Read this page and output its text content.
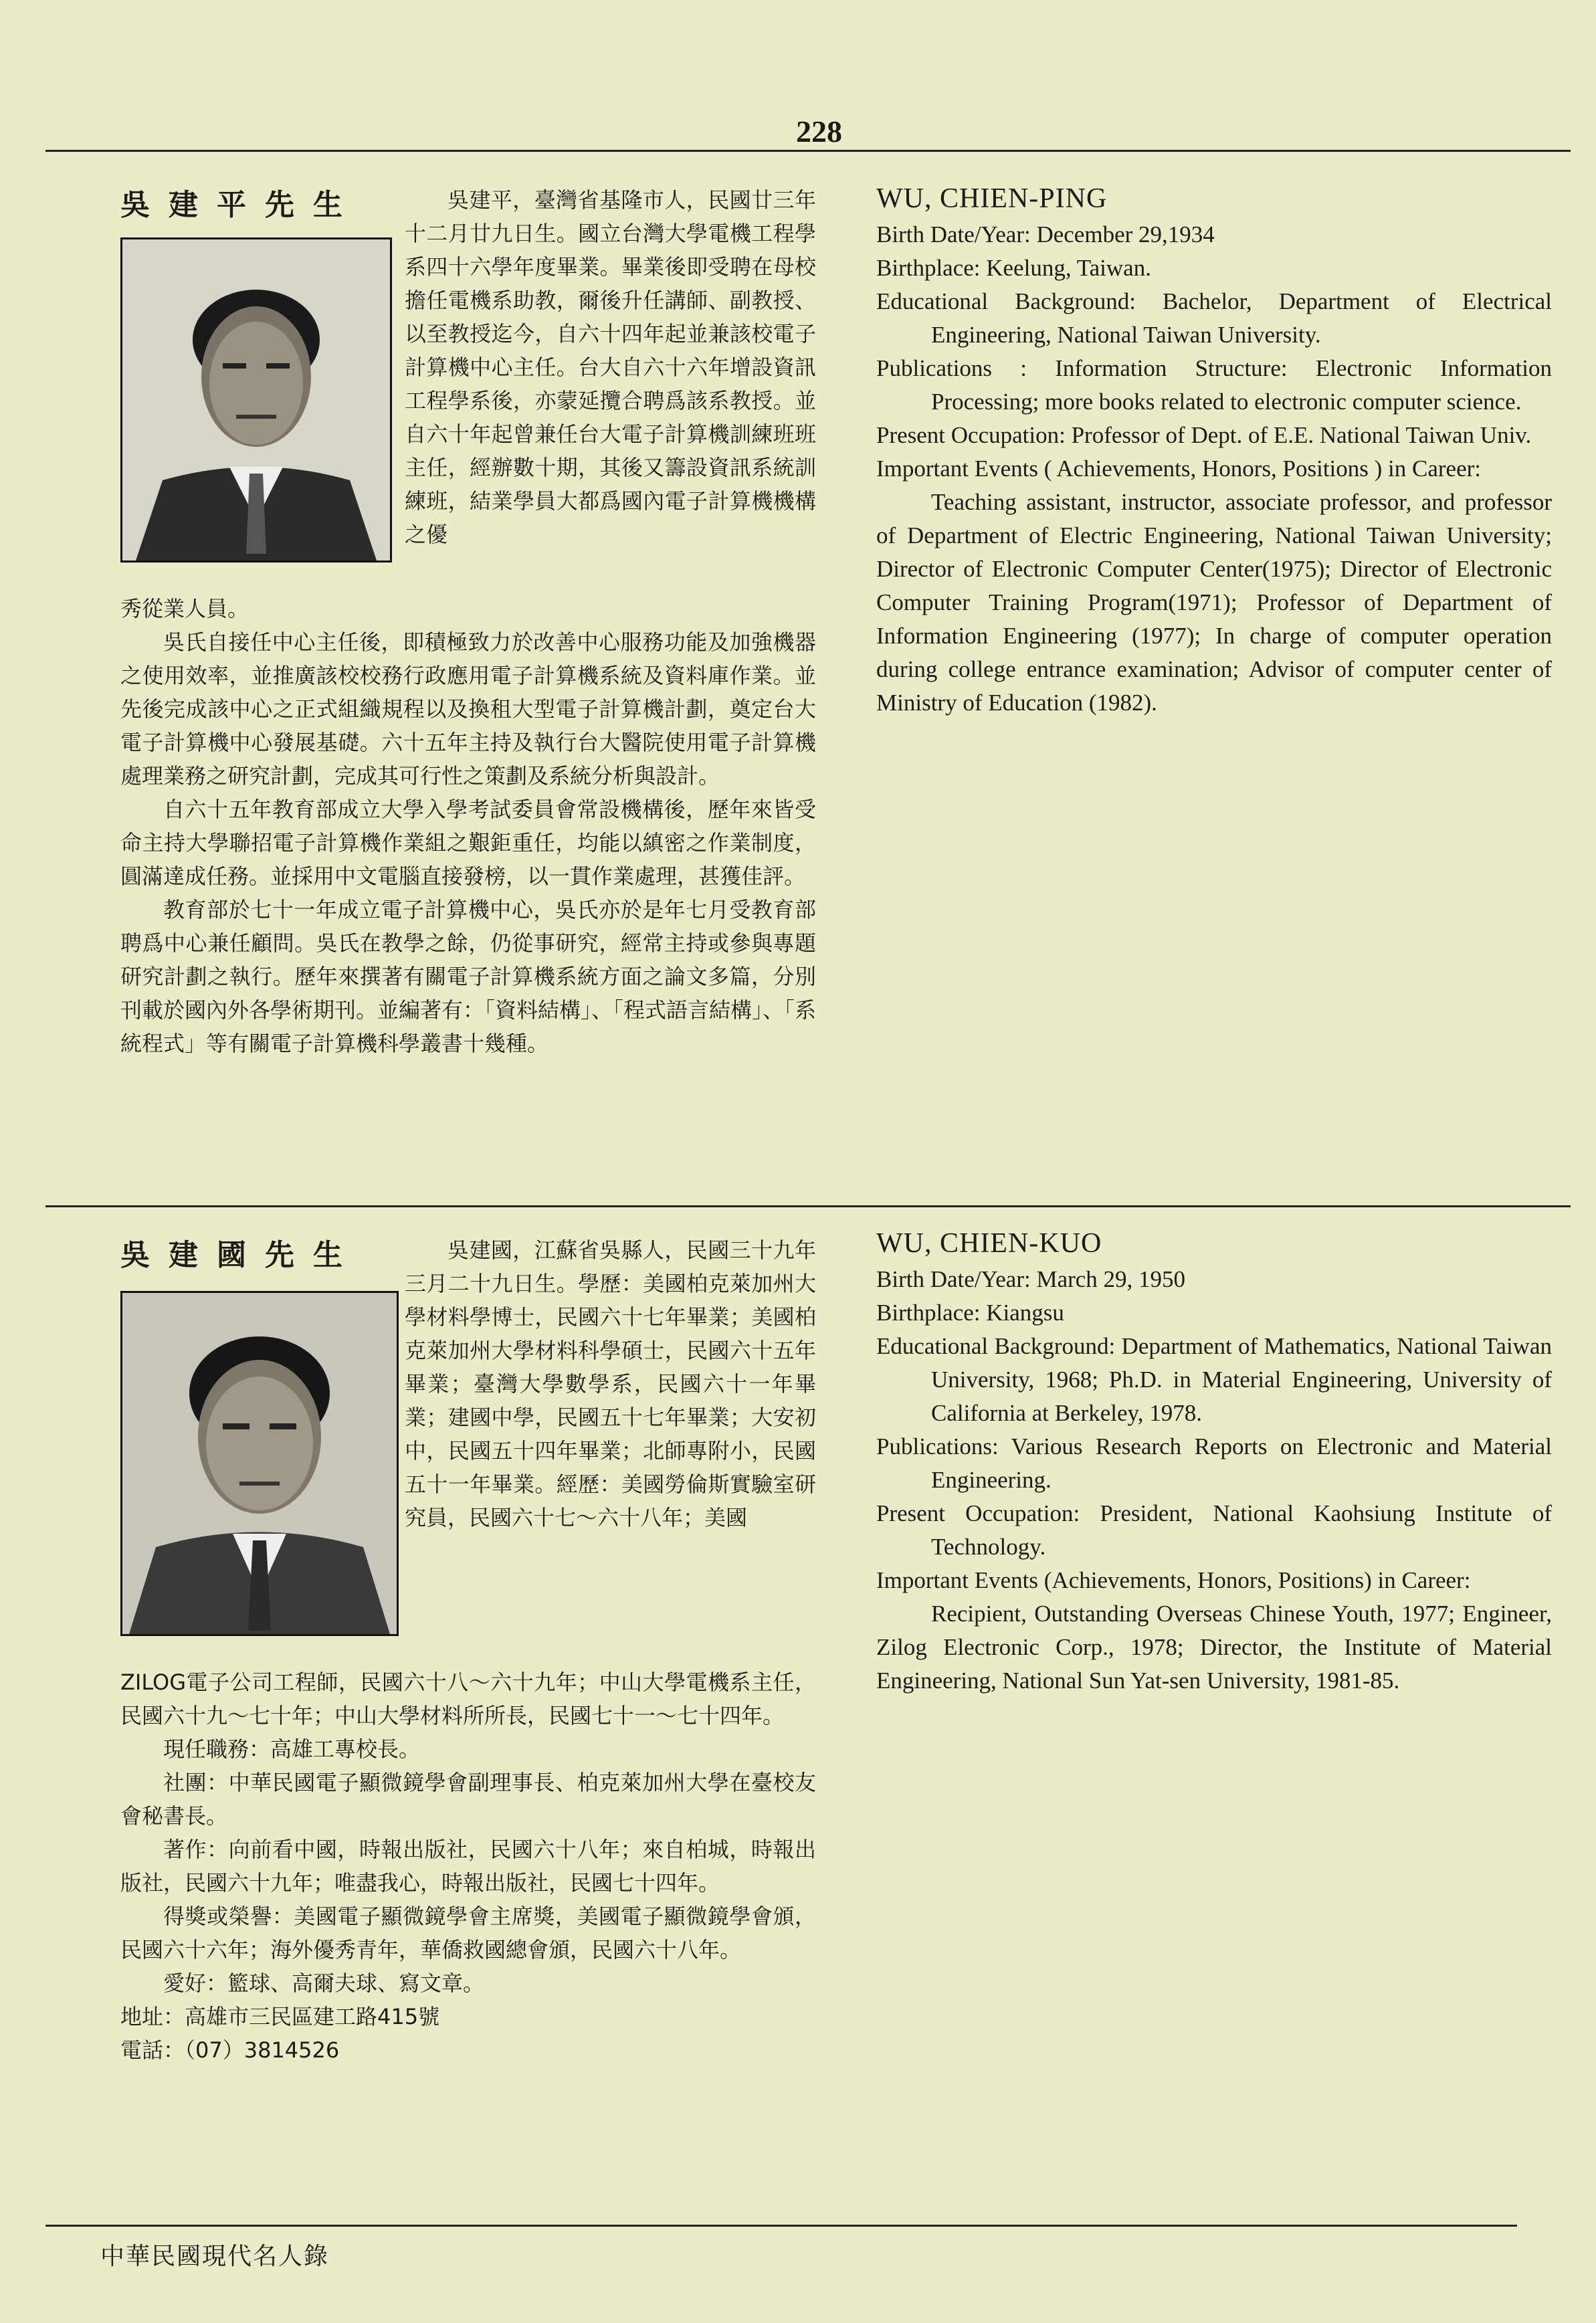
228
吳建平先生	吳建平，臺灣省基隆市人，民國廿三年十二月廿九日生。國立台灣大學電機工程學系四十六學年度畢業。畢業後即受聘在母校擔任電機系助教，爾後升任講師、副教授、以至教授迄今，自六十四年起並兼該校電子計算機中心主任。台大自六十六年增設資訊工程學系後，亦蒙延攬合聘爲該系教授。並自六十年起曾兼任台大電子計算機訓練班班主任，經辦數十期，其後又籌設資訊系統訓練班，結業學員大都爲國內電子計算機機構之優

秀從業人員。

吳氏自接任中心主任後，即積極致力於改善中心服務功能及加強機器之使用效率，並推廣該校校務行政應用電子計算機系統及資料庫作業。並先後完成該中心之正式組織規程以及換租大型電子計算機計劃，奠定台大電子計算機中心發展基礎。六十五年主持及執行台大醫院使用電子計算機處理業務之研究計劃，完成其可行性之策劃及系統分析與設計。

自六十五年教育部成立大學入學考試委員會常設機構後，歷年來皆受命主持大學聯招電子計算機作業組之艱鉅重任，均能以縝密之作業制度，圓滿達成任務。並採用中文電腦直接發榜，以一貫作業處理，甚獲佳評。

教育部於七十一年成立電子計算機中心，吳氏亦於是年七月受教育部聘爲中心兼任顧問。吳氏在教學之餘，仍從事研究，經常主持或參與專題研究計劃之執行。歷年來撰著有關電子計算機系統方面之論文多篇，分別刊載於國內外各學術期刊。並編著有：「資料結構」、「程式語言結構」、「系統程式」等有關電子計算機科學叢書十幾種。

WU, CHIEN-PING

Birth Date/Year: December 29,1934

Birthplace: Keelung, Taiwan.

Educational Background: Bachelor, Department of Electrical Engineering, National Taiwan University.

Publications : Information Structure: Electronic Information Processing; more books related to electronic computer science.

Present Occupation: Professor of Dept. of E.E. National Taiwan Univ.

Important Events ( Achievements, Honors, Positions ) in Career:

Teaching assistant, instructor, associate professor, and professor of Department of Electric Engineering, National Taiwan University; Director of Electronic Computer Center(1975); Director of Electronic Computer Training Program(1971); Professor of Department of Information Engineering (1977); In charge of computer operation during college entrance examination; Advisor of computer center of Ministry of Education (1982).

吳建國先生	吳建國，江蘇省吳縣人，民國三十九年三月二十九日生。學歷：美國柏克萊加州大學材料學博士，民國六十七年畢業；美國柏克萊加州大學材料科學碩士，民國六十五年畢業；臺灣大學數學系，民國六十一年畢業；建國中學，民國五十七年畢業；大安初中，民國五十四年畢業；北師專附小，民國五十一年畢業。經歷：美國勞倫斯實驗室研究員，民國六十七～六十八年；美國

ZILOG電子公司工程師，民國六十八～六十九年；中山大學電機系主任，民國六十九～七十年；中山大學材料所所長，民國七十一～七十四年。

現任職務：高雄工專校長。

社團：中華民國電子顯微鏡學會副理事長、柏克萊加州大學在臺校友會秘書長。

著作：向前看中國，時報出版社，民國六十八年；來自柏城，時報出版社，民國六十九年；唯盡我心，時報出版社，民國七十四年。

得獎或榮譽：美國電子顯微鏡學會主席獎，美國電子顯微鏡學會頒，民國六十六年；海外優秀青年，華僑救國總會頒，民國六十八年。

愛好：籃球、高爾夫球、寫文章。

地址：高雄市三民區建工路415號

電話：（07）3814526

WU, CHIEN-KUO

Birth Date/Year: March 29, 1950

Birthplace: Kiangsu

Educational Background: Department of Mathematics, National Taiwan University, 1968; Ph.D. in Material Engineering, University of California at Berkeley, 1978.

Publications: Various Research Reports on Electronic and Material Engineering.

Present Occupation: President, National Kaohsiung Institute of Technology.

Important Events (Achievements, Honors, Positions) in Career:

Recipient, Outstanding Overseas Chinese Youth, 1977; Engineer, Zilog Electronic Corp., 1978; Director, the Institute of Material Engineering, National Sun Yat-sen University, 1981-85.

中華民國現代名人錄
